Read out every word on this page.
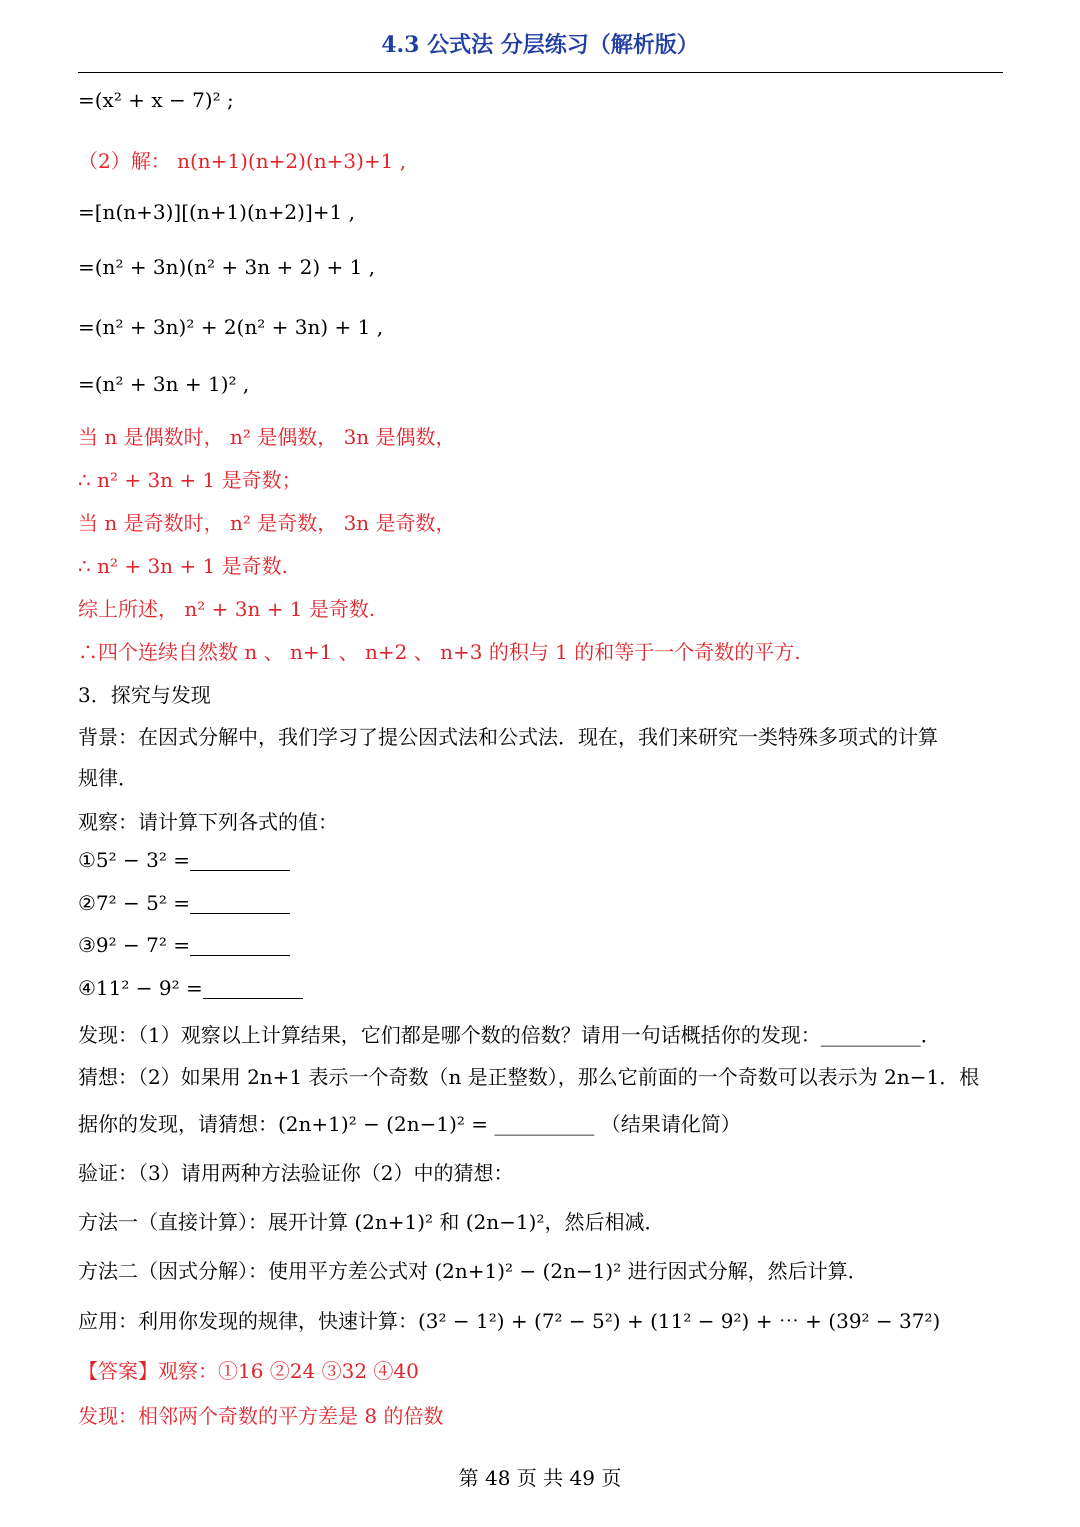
4.3 公式法 分层练习（解析版）
=(x² + x − 7)² ;
（2）解： n(n+1)(n+2)(n+3)+1 ,
=[n(n+3)][(n+1)(n+2)]+1 ,
=(n² + 3n)(n² + 3n + 2) + 1 ,
=(n² + 3n)² + 2(n² + 3n) + 1 ,
=(n² + 3n + 1)² ,
当 n 是偶数时， n² 是偶数， 3n 是偶数，
∴ n² + 3n + 1 是奇数；
当 n 是奇数时， n² 是奇数， 3n 是奇数，
∴ n² + 3n + 1 是奇数.
综上所述， n² + 3n + 1 是奇数.
∴四个连续自然数 n 、 n+1 、 n+2 、 n+3 的积与 1 的和等于一个奇数的平方.
3．探究与发现
背景：在因式分解中，我们学习了提公因式法和公式法．现在，我们来研究一类特殊多项式的计算
规律．
观察：请计算下列各式的值：
①5² − 3² =
②7² − 5² =
③9² − 7² =
④11² − 9² =
发现：（1）观察以上计算结果，它们都是哪个数的倍数？请用一句话概括你的发现：__________．
猜想：（2）如果用 2n+1 表示一个奇数（n 是正整数），那么它前面的一个奇数可以表示为 2n−1．根
据你的发现，请猜想：(2n+1)² − (2n−1)² = __________ （结果请化简）
验证：（3）请用两种方法验证你（2）中的猜想：
方法一（直接计算）：展开计算 (2n+1)² 和 (2n−1)²，然后相减．
方法二（因式分解）：使用平方差公式对 (2n+1)² − (2n−1)² 进行因式分解，然后计算．
应用：利用你发现的规律，快速计算：(3² − 1²) + (7² − 5²) + (11² − 9²) + ⋯ + (39² − 37²)
【答案】观察：①16 ②24 ③32 ④40
发现：相邻两个奇数的平方差是 8 的倍数
第 48 页 共 49 页
